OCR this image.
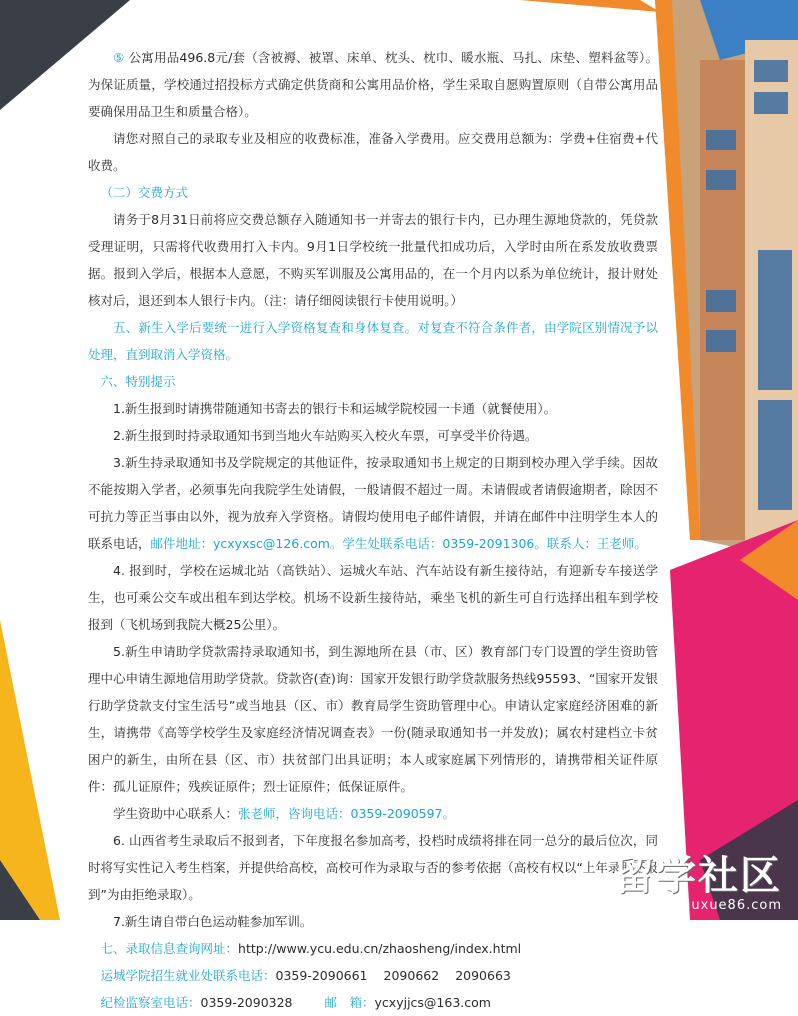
⑤ 公寓用品496.8元/套（含被褥、被罩、床单、枕头、枕巾、暖水瓶、马扎、床垫、塑料盆等）。为保证质量，学校通过招投标方式确定供货商和公寓用品价格，学生采取自愿购置原则（自带公寓用品要确保用品卫生和质量合格）。

请您对照自己的录取专业及相应的收费标准，准备入学费用。应交费用总额为：学费+住宿费+代收费。

（二）交费方式

请务于8月31日前将应交费总额存入随通知书一并寄去的银行卡内，已办理生源地贷款的，凭贷款受理证明，只需将代收费用打入卡内。9月1日学校统一批量代扣成功后，入学时由所在系发放收费票据。报到入学后，根据本人意愿，不购买军训服及公寓用品的，在一个月内以系为单位统计，报计财处核对后，退还到本人银行卡内。（注：请仔细阅读银行卡使用说明。）

五、新生入学后要统一进行入学资格复查和身体复查。对复查不符合条件者，由学院区别情况予以处理，直到取消入学资格。

六、特别提示

1.新生报到时请携带随通知书寄去的银行卡和运城学院校园一卡通（就餐使用）。

2.新生报到时持录取通知书到当地火车站购买入校火车票，可享受半价待遇。

3.新生持录取通知书及学院规定的其他证件，按录取通知书上规定的日期到校办理入学手续。因故不能按期入学者，必须事先向我院学生处请假，一般请假不超过一周。未请假或者请假逾期者，除因不可抗力等正当事由以外，视为放弃入学资格。请假均使用电子邮件请假，并请在邮件中注明学生本人的联系电话，邮件地址：ycxyxsc@126.com。学生处联系电话：0359-2091306。联系人：王老师。

4. 报到时，学校在运城北站（高铁站）、运城火车站、汽车站设有新生接待站，有迎新专车接送学生，也可乘公交车或出租车到达学校。机场不设新生接待站，乘坐飞机的新生可自行选择出租车到学校报到（飞机场到我院大概25公里）。

5.新生申请助学贷款需持录取通知书，到生源地所在县（市、区）教育部门专门设置的学生资助管理中心申请生源地信用助学贷款。贷款咨(查)询：国家开发银行助学贷款服务热线95593、“国家开发银行助学贷款支付宝生活号”或当地县（区、市）教育局学生资助管理中心。申请认定家庭经济困难的新生，请携带《高等学校学生及家庭经济情况调查表》一份(随录取通知书一并发放)；属农村建档立卡贫困户的新生，由所在县（区、市）扶贫部门出具证明；本人或家庭属下列情形的，请携带相关证件原件：孤儿证原件；残疾证原件；烈士证原件；低保证原件。

学生资助中心联系人：张老师，咨询电话：0359-2090597。

6. 山西省考生录取后不报到者，下年度报名参加高考，投档时成绩将排在同一总分的最后位次，同时将写实性记入考生档案，并提供给高校，高校可作为录取与否的参考依据（高校有权以“上年录取不报到”为由拒绝录取）。

7.新生请自带白色运动鞋参加军训。

七、录取信息查询网址：http://www.ycu.edu.cn/zhaosheng/index.html

运城学院招生就业处联系电话：0359-2090661 2090662 2090663

纪检监察室电话：0359-2090328	邮　箱：ycxyjjcs@163.com

留学社区
bbs.liuxue86.com
